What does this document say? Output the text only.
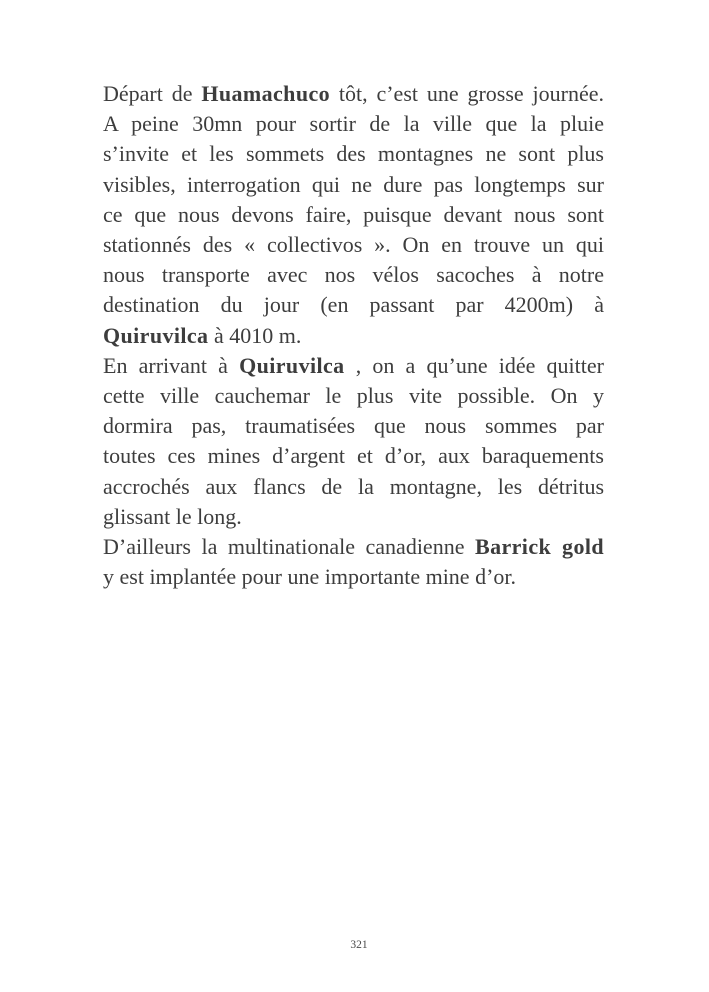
Départ de Huamachuco tôt, c’est une grosse journée.
A peine 30mn pour sortir de la ville que la pluie
s’invite et les sommets des montagnes ne sont plus
visibles, interrogation qui ne dure pas longtemps sur
ce que nous devons faire, puisque devant nous sont
stationnés des « collectivos ». On en trouve un qui
nous transporte avec nos vélos sacoches à notre
destination du jour (en passant par 4200m) à
Quiruvilca à 4010 m.
En arrivant à Quiruvilca , on a qu’une idée quitter
cette ville cauchemar le plus vite possible. On y
dormira pas, traumatisées que nous sommes par
toutes ces mines d’argent et d’or, aux baraquements
accrochés aux flancs de la montagne, les détritus
glissant le long.
D’ailleurs la multinationale canadienne Barrick gold
y est implantée pour une importante mine d’or.
321
